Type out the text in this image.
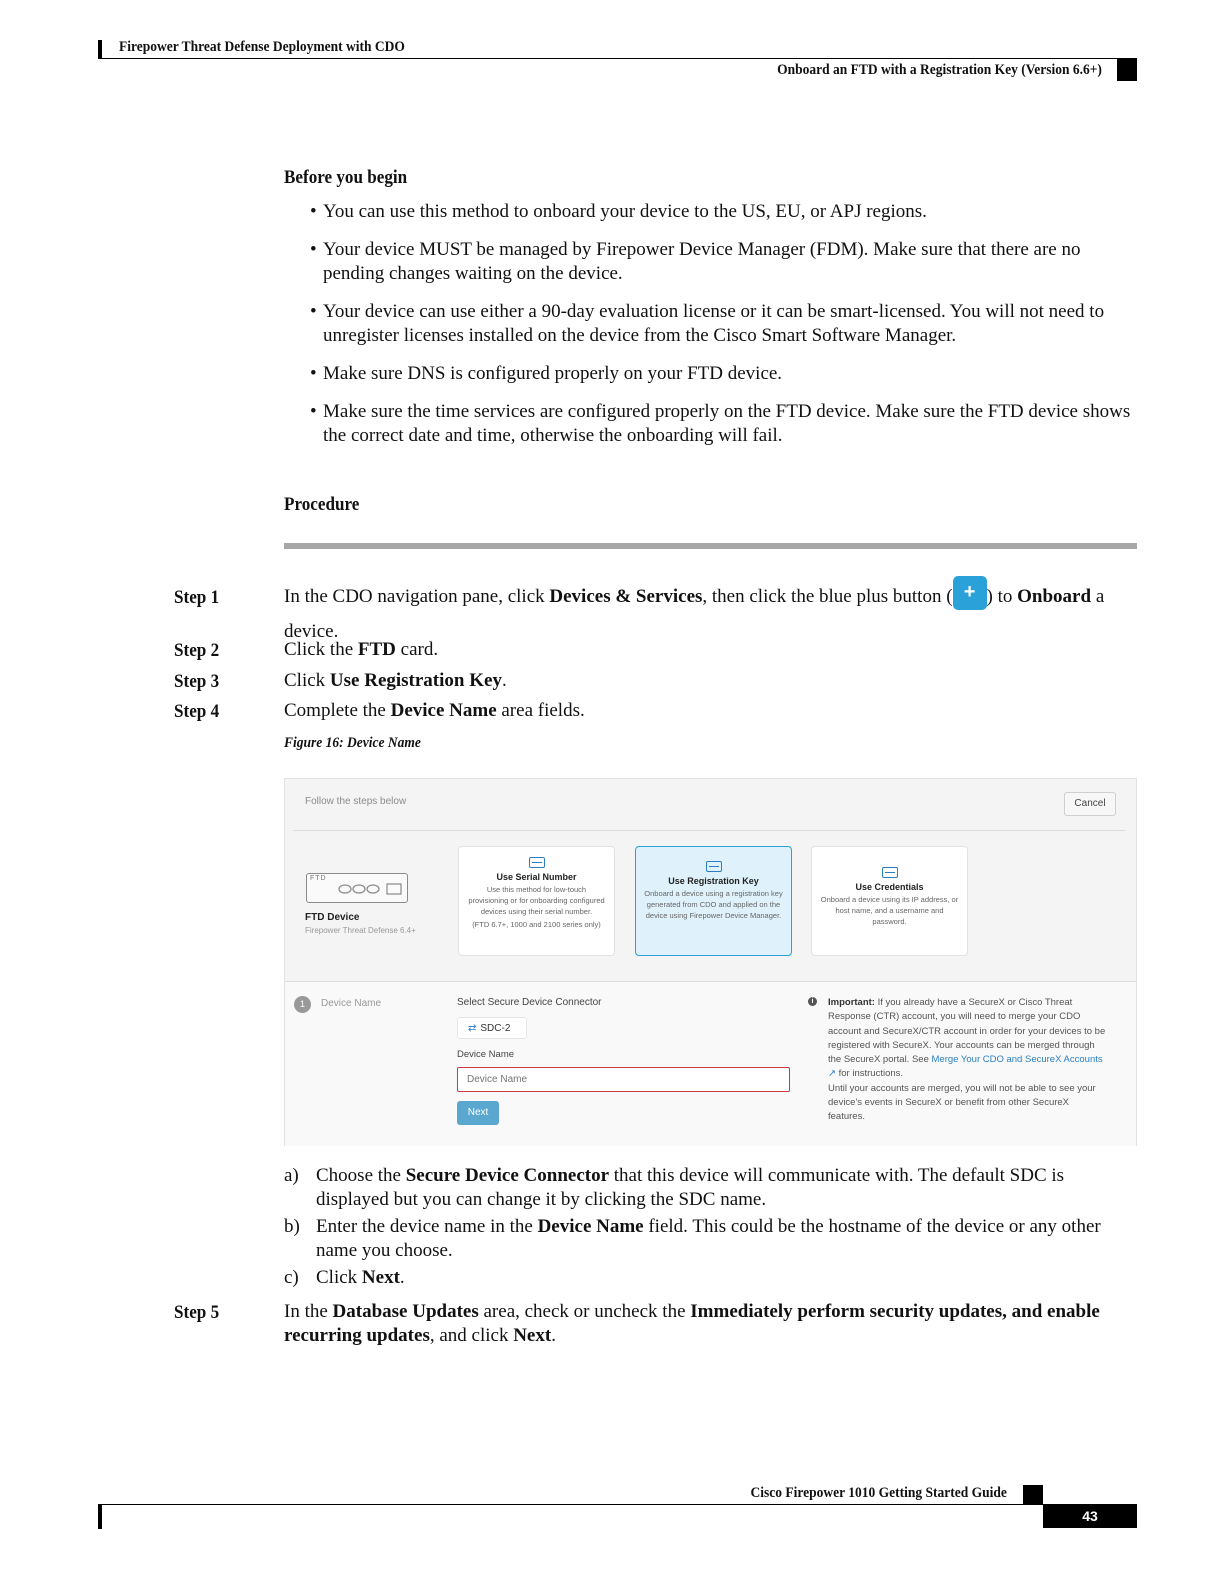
Firepower Threat Defense Deployment with CDO
Onboard an FTD with a Registration Key (Version 6.6+)
Before you begin
• You can use this method to onboard your device to the US, EU, or APJ regions.
• Your device MUST be managed by Firepower Device Manager (FDM). Make sure that there are no pending changes waiting on the device.
• Your device can use either a 90-day evaluation license or it can be smart-licensed. You will not need to unregister licenses installed on the device from the Cisco Smart Software Manager.
• Make sure DNS is configured properly on your FTD device.
• Make sure the time services are configured properly on the FTD device. Make sure the FTD device shows the correct date and time, otherwise the onboarding will fail.
Procedure
Step 1	In the CDO navigation pane, click Devices & Services, then click the blue plus button ( + ) to Onboard a device.
Step 2	Click the FTD card.
Step 3	Click Use Registration Key.
Step 4	Complete the Device Name area fields.
Figure 16: Device Name
Follow the steps below	Cancel
FTD
FTD Device
Firepower Threat Defense 6.4+
Use Serial Number
Use this method for low-touch provisioning or for onboarding configured devices using their serial number.
(FTD 6.7+, 1000 and 2100 series only)
Use Registration Key
Onboard a device using a registration key generated from CDO and applied on the device using Firepower Device Manager.
Use Credentials
Onboard a device using its IP address, or host name, and a username and password.
1	Device Name	Select Secure Device Connector
⇄ SDC-2
Device Name
Device Name
Next
i	Important: If you already have a SecureX or Cisco Threat Response (CTR) account, you will need to merge your CDO account and SecureX/CTR account in order for your devices to be registered with SecureX. Your accounts can be merged through the SecureX portal. See Merge Your CDO and SecureX Accounts ↗ for instructions.
Until your accounts are merged, you will not be able to see your device's events in SecureX or benefit from other SecureX features.
a) Choose the Secure Device Connector that this device will communicate with. The default SDC is displayed but you can change it by clicking the SDC name.
b) Enter the device name in the Device Name field. This could be the hostname of the device or any other name you choose.
c) Click Next.
Step 5	In the Database Updates area, check or uncheck the Immediately perform security updates, and enable recurring updates, and click Next.
Cisco Firepower 1010 Getting Started Guide
43
